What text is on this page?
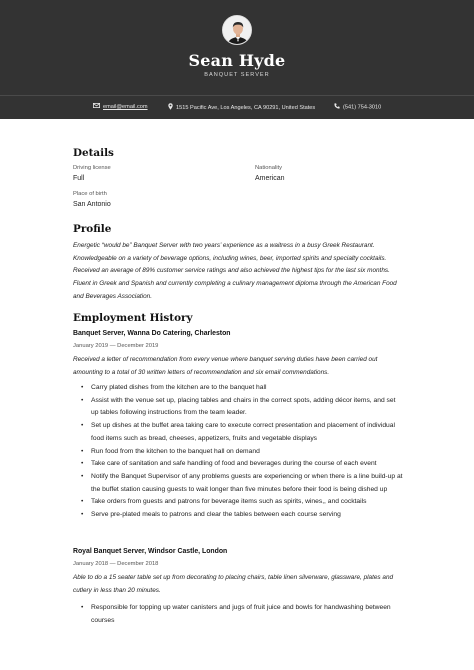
Sean Hyde
BANQUET SERVER
email@email.com	1515 Pacific Ave, Los Angeles, CA 90291, United States	(541) 754-3010
Details
Driving license
Full
Nationality
American
Place of birth
San Antonio
Profile
Energetic “would be” Banquet Server with two years’ experience as a waitress in a busy Greek Restaurant. Knowledgeable on a variety of beverage options, including wines, beer, imported spirits and specialty cocktails. Received an average of 89% customer service ratings and also achieved the highest tips for the last six months. Fluent in Greek and Spanish and currently completing a culinary management diploma through the American Food and Beverages Association.
Employment History
Banquet Server, Wanna Do Catering, Charleston
January 2019 — December 2019
Received a letter of recommendation from every venue where banquet serving duties have been carried out amounting to a total of 30 written letters of recommendation and six email commendations.
• Carry plated dishes from the kitchen are to the banquet hall
• Assist with the venue set up, placing tables and chairs in the correct spots, adding décor items, and set up tables following instructions from the team leader.
• Set up dishes at the buffet area taking care to execute correct presentation and placement of individual food items such as bread, cheeses, appetizers, fruits and vegetable displays
• Run food from the kitchen to the banquet hall on demand
• Take care of sanitation and safe handling of food and beverages during the course of each event
• Notify the Banquet Supervisor of any problems guests are experiencing or when there is a line build-up at the buffet station causing guests to wait longer than five minutes before their food is being dished up
• Take orders from guests and patrons for beverage items such as spirits, wines,, and cocktails
• Serve pre-plated meals to patrons and clear the tables between each course serving
Royal Banquet Server, Windsor Castle, London
January 2018 — December 2018
Able to do a 15 seater table set up from decorating to placing chairs, table linen silverware, glassware, plates and cutlery in less than 20 minutes.
• Responsible for topping up water canisters and jugs of fruit juice and bowls for handwashing between courses
